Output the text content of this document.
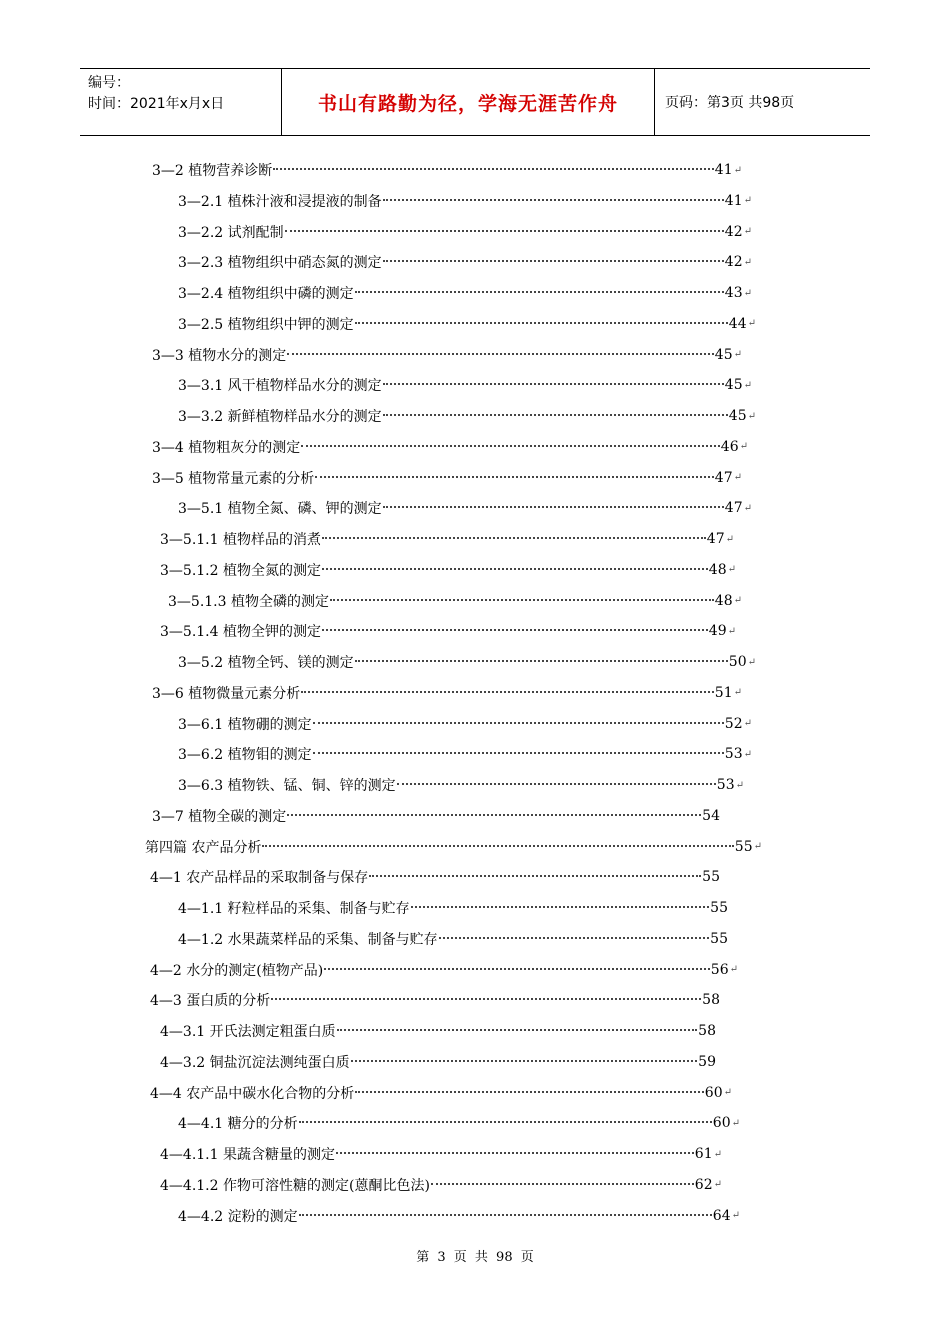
编号：
时间：2021年x月x日	书山有路勤为径，学海无涯苦作舟	页码：第3页 共98页
3—2 植物营养诊断	41 ↵
3—2.1 植株汁液和浸提液的制备	41 ↵
3—2.2 试剂配制	42 ↵
3—2.3 植物组织中硝态氮的测定	42 ↵
3—2.4 植物组织中磷的测定	43 ↵
3—2.5 植物组织中钾的测定	44 ↵
3—3 植物水分的测定	45 ↵
3—3.1 风干植物样品水分的测定	45 ↵
3—3.2 新鲜植物样品水分的测定	45 ↵
3—4 植物粗灰分的测定	46 ↵
3—5 植物常量元素的分析	47 ↵
3—5.1 植物全氮、磷、钾的测定	47 ↵
3—5.1.1 植物样品的消煮	47 ↵
3—5.1.2 植物全氮的测定	48 ↵
3—5.1.3 植物全磷的测定	48 ↵
3—5.1.4 植物全钾的测定	49 ↵
3—5.2 植物全钙、镁的测定	50 ↵
3—6 植物微量元素分析	51 ↵
3—6.1 植物硼的测定	52 ↵
3—6.2 植物钼的测定	53 ↵
3—6.3 植物铁、锰、铜、锌的测定	53 ↵
3—7 植物全碳的测定	54
第四篇 农产品分析	55 ↵
4—1 农产品样品的采取制备与保存	55
4—1.1 籽粒样品的采集、制备与贮存	55
4—1.2 水果蔬菜样品的采集、制备与贮存	55
4—2 水分的测定(植物产品)	56 ↵
4—3 蛋白质的分析	58
4—3.1 开氏法测定粗蛋白质	58
4—3.2 铜盐沉淀法测纯蛋白质	59
4—4 农产品中碳水化合物的分析	60 ↵
4—4.1 糖分的分析	60 ↵
4—4.1.1 果蔬含糖量的测定	61 ↵
4—4.1.2 作物可溶性糖的测定(蒽酮比色法)	62 ↵
4—4.2 淀粉的测定	64 ↵
第 3 页 共 98 页
